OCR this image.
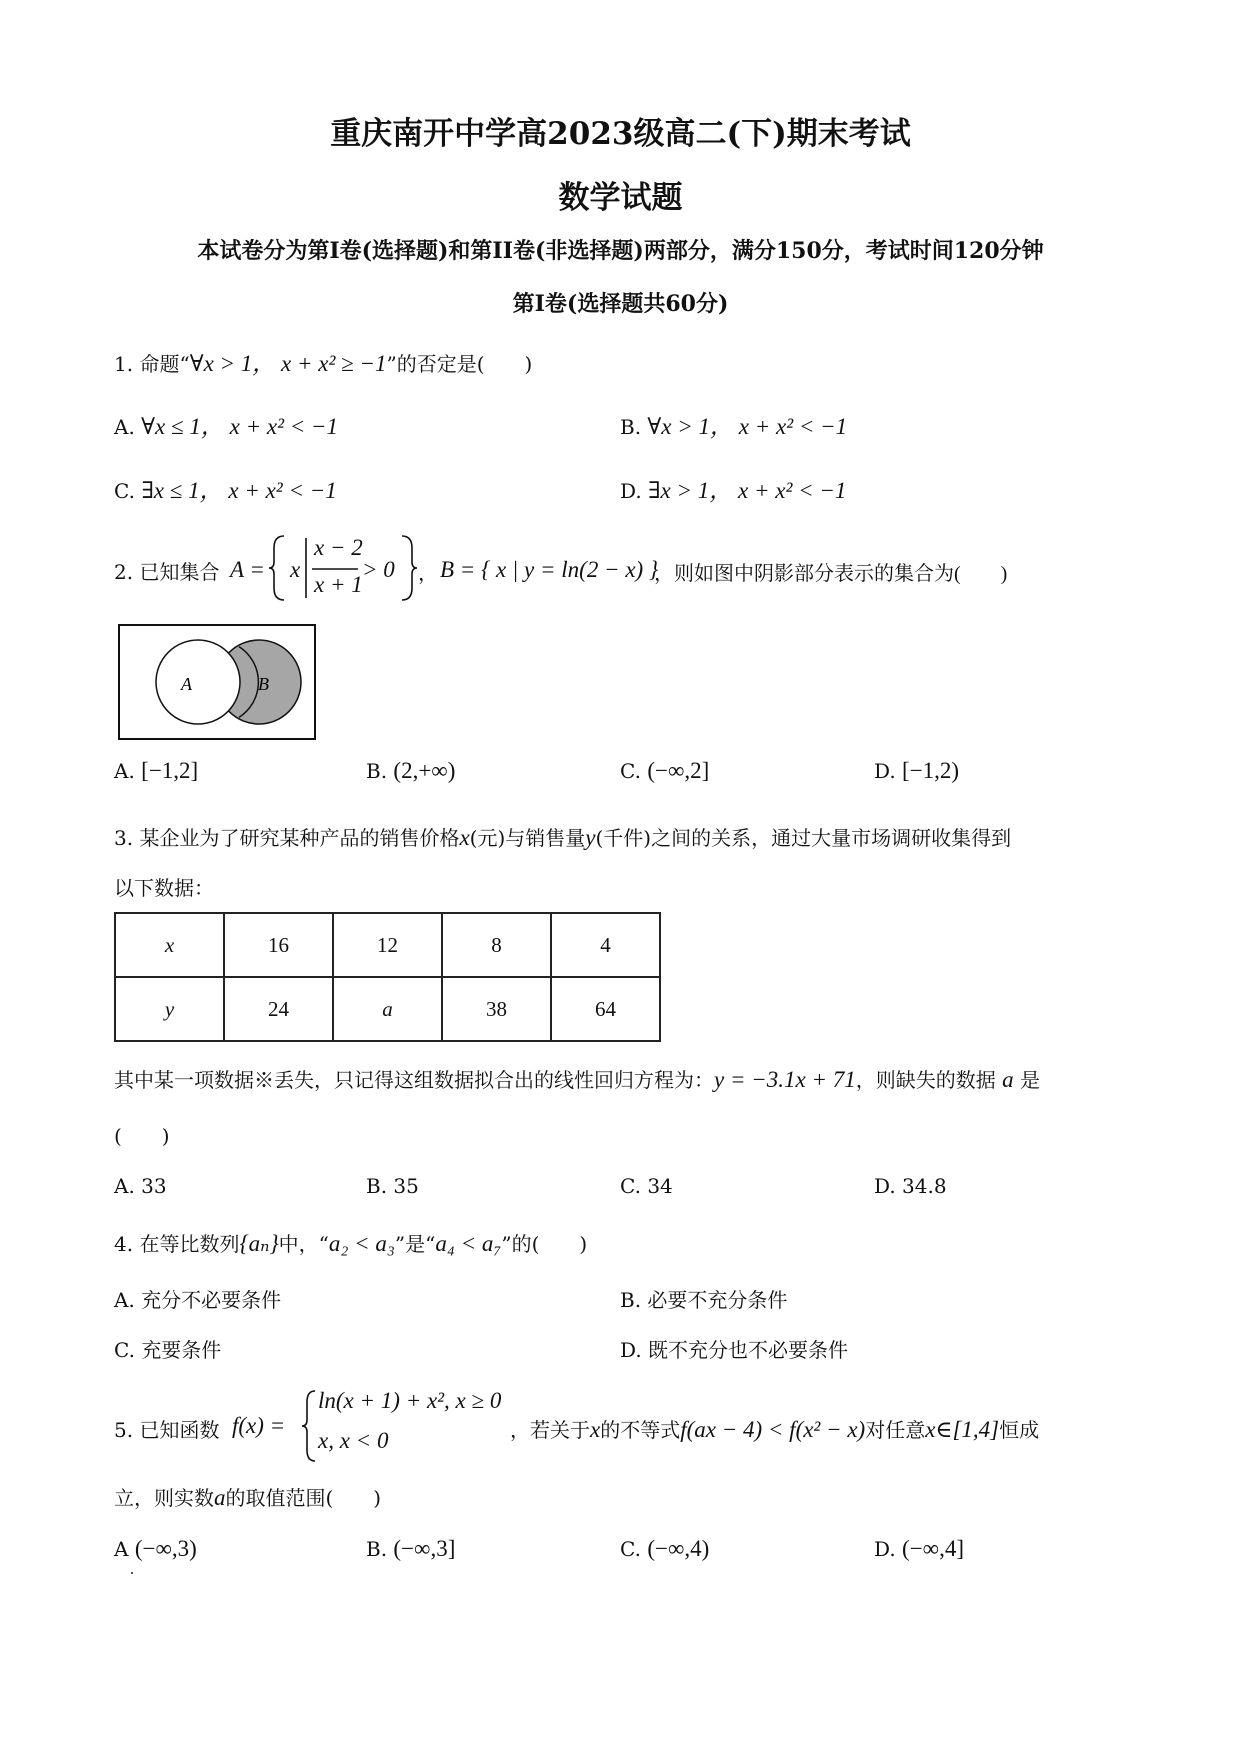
重庆南开中学高2023级高二(下)期末考试
数学试题
本试卷分为第I卷(选择题)和第II卷(非选择题)两部分，满分150分，考试时间120分钟
第I卷(选择题共60分)
1. 命题“∀x > 1， x + x² ≥ −1”的否定是(　　)
A. ∀x ≤ 1， x + x² < −1	B. ∀x > 1， x + x² < −1
C. ∃x ≤ 1， x + x² < −1	D. ∃x > 1， x + x² < −1
2. 已知集合 A = x
x − 2
x + 1
> 0 ， B = { x | y = ln(2 − x) }
，则如图中阴影部分表示的集合为(　　)
A	B
A. [−1,2]	B. (2,+∞)	C. (−∞,2]	D. [−1,2)
3. 某企业为了研究某种产品的销售价格x(元)与销售量y(千件)之间的关系，通过大量市场调研收集得到
以下数据：
x	16	12	8	4
y	24	a	38	64
其中某一项数据※丢失，只记得这组数据拟合出的线性回归方程为：y = −3.1x + 71，则缺失的数据 a 是
(　　)
A. 33	B. 35	C. 34	D. 34.8
4. 在等比数列{aₙ}中，“a₂ < a₃”是“a₄ < a₇”的(　　)
A. 充分不必要条件	B. 必要不充分条件
C. 充要条件	D. 既不充分也不必要条件
5. 已知函数 f(x) =
ln(x + 1) + x², x ≥ 0
x, x < 0	，若关于x的不等式f(ax − 4) < f(x² − x)对任意x∈[1,4]恒成
立，则实数a的取值范围(　　)
A (−∞,3)	B. (−∞,3]	C. (−∞,4)	D. (−∞,4]
